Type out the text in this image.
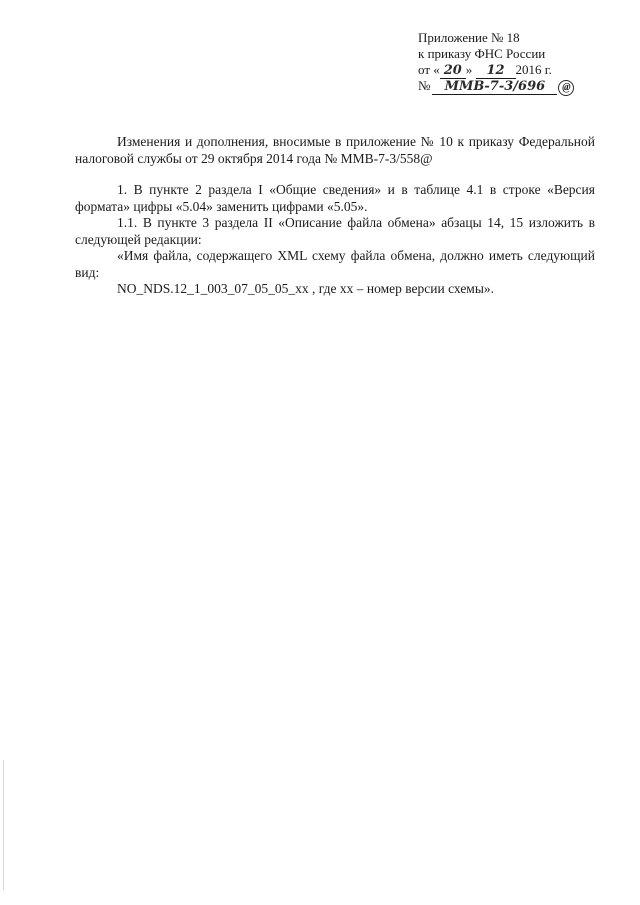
Приложение № 18
к приказу ФНС России
от « 20 » 12 2016 г.
№ ММВ-7-3/696 @

Изменения и дополнения, вносимые в приложение № 10 к приказу Федеральной налоговой службы от 29 октября 2014 года № ММВ-7-3/558@

1. В пункте 2 раздела I «Общие сведения» и в таблице 4.1 в строке «Версия формата» цифры «5.04» заменить цифрами «5.05».

1.1. В пункте 3 раздела II «Описание файла обмена» абзацы 14, 15 изложить в следующей редакции:

«Имя файла, содержащего XML схему файла обмена, должно иметь следующий вид:

NO_NDS.12_1_003_07_05_05_xx , где хх – номер версии схемы».
